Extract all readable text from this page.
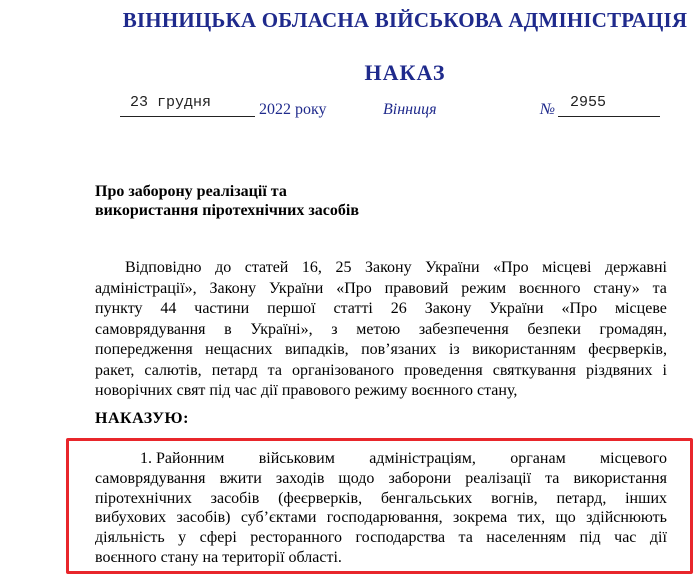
ВІННИЦЬКА ОБЛАСНА ВІЙСЬКОВА АДМІНІСТРАЦІЯ
НАКАЗ
23 грудня	2022 року	Вінниця	№ 2955
Про заборону реалізації та
використання піротехнічних засобів
Відповідно до статей 16, 25 Закону України «Про місцеві державні
адміністрації», Закону України «Про правовий режим воєнного стану» та
пункту 44 частини першої статті 26 Закону України «Про місцеве
самоврядування в Україні», з метою забезпечення безпеки громадян,
попередження нещасних випадків, пов’язаних із використанням феєрверків,
ракет, салютів, петард та організованого проведення святкування різдвяних і
новорічних свят під час дії правового режиму воєнного стану,
НАКАЗУЮ:
1. Районним військовим адміністраціям, органам місцевого
самоврядування вжити заходів щодо заборони реалізації та використання
піротехнічних засобів (феєрверків, бенгальських вогнів, петард, інших
вибухових засобів) суб’єктами господарювання, зокрема тих, що здійснюють
діяльність у сфері ресторанного господарства та населенням під час дії
воєнного стану на території області.
